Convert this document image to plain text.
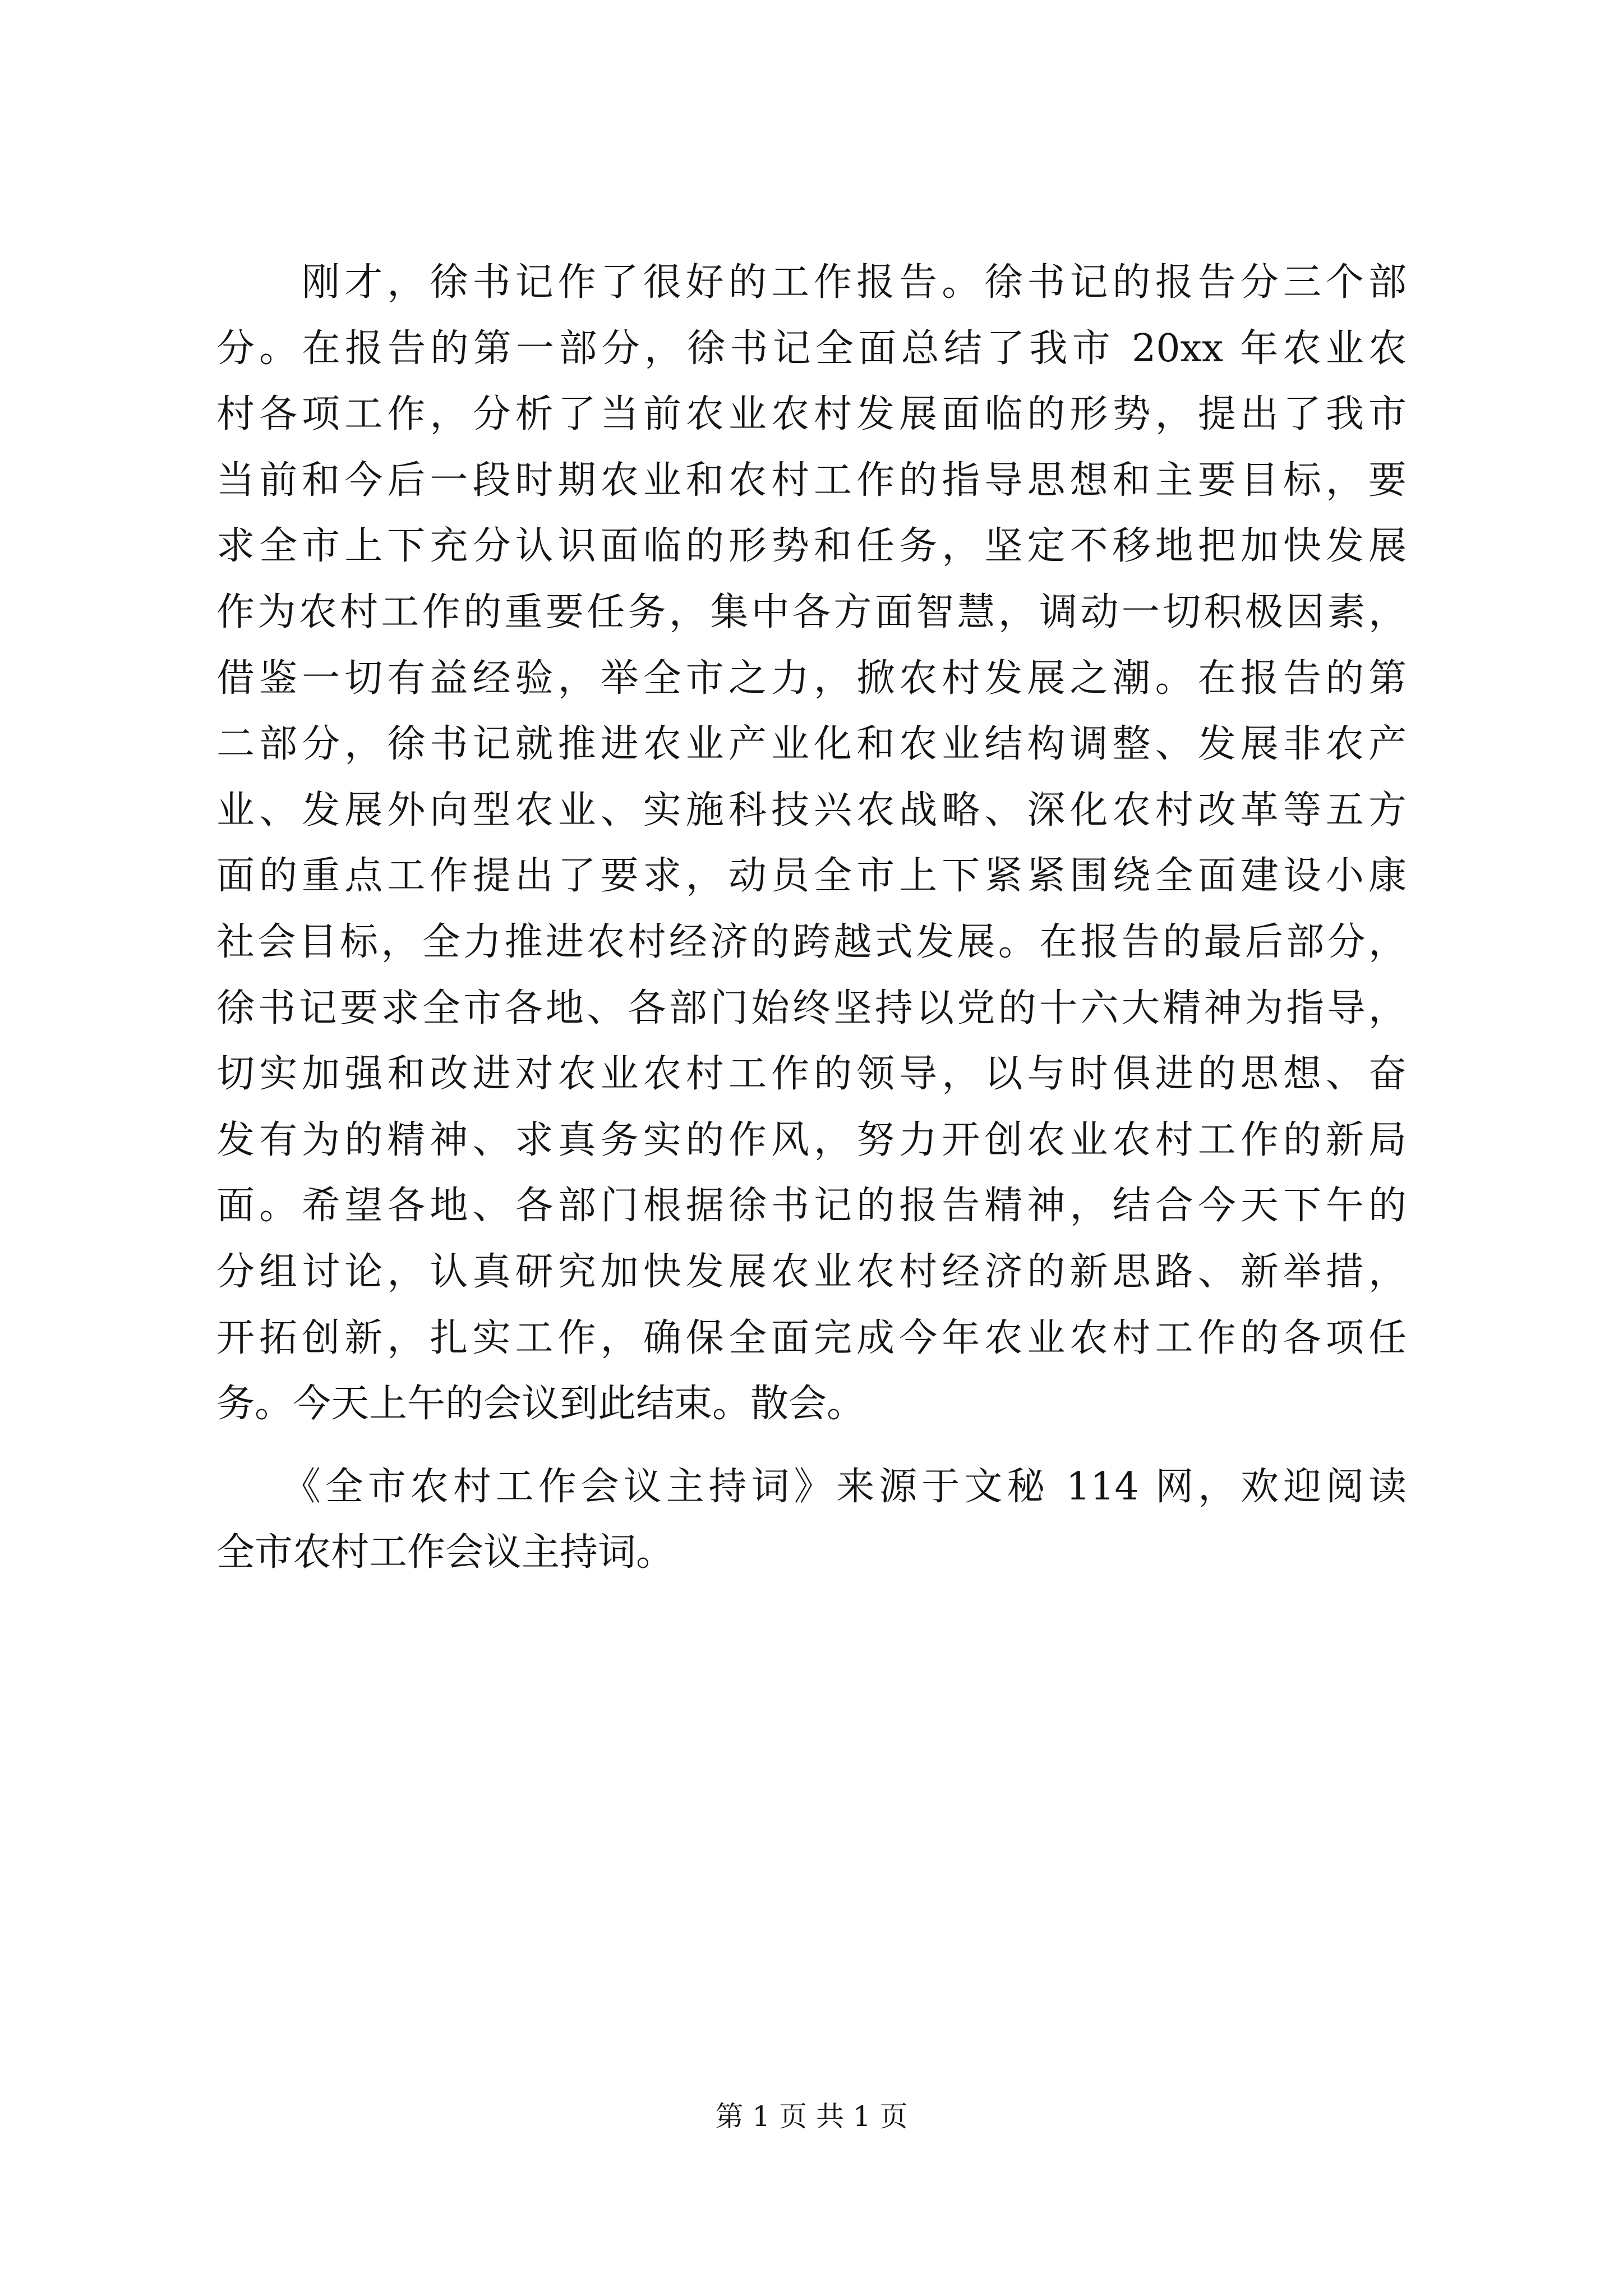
　　刚才，徐书记作了很好的工作报告。徐书记的报告分三个部
分。在报告的第一部分，徐书记全面总结了我市 20xx 年农业农
村各项工作，分析了当前农业农村发展面临的形势，提出了我市
当前和今后一段时期农业和农村工作的指导思想和主要目标，要
求全市上下充分认识面临的形势和任务，坚定不移地把加快发展
作为农村工作的重要任务，集中各方面智慧，调动一切积极因素，
借鉴一切有益经验，举全市之力，掀农村发展之潮。在报告的第
二部分，徐书记就推进农业产业化和农业结构调整、发展非农产
业、发展外向型农业、实施科技兴农战略、深化农村改革等五方
面的重点工作提出了要求，动员全市上下紧紧围绕全面建设小康
社会目标，全力推进农村经济的跨越式发展。在报告的最后部分，
徐书记要求全市各地、各部门始终坚持以党的十六大精神为指导，
切实加强和改进对农业农村工作的领导，以与时俱进的思想、奋
发有为的精神、求真务实的作风，努力开创农业农村工作的新局
面。希望各地、各部门根据徐书记的报告精神，结合今天下午的
分组讨论，认真研究加快发展农业农村经济的新思路、新举措，
开拓创新，扎实工作，确保全面完成今年农业农村工作的各项任
务。今天上午的会议到此结束。散会。
　　《全市农村工作会议主持词》来源于文秘 114 网，欢迎阅读
全市农村工作会议主持词。
第 1 页 共 1 页
